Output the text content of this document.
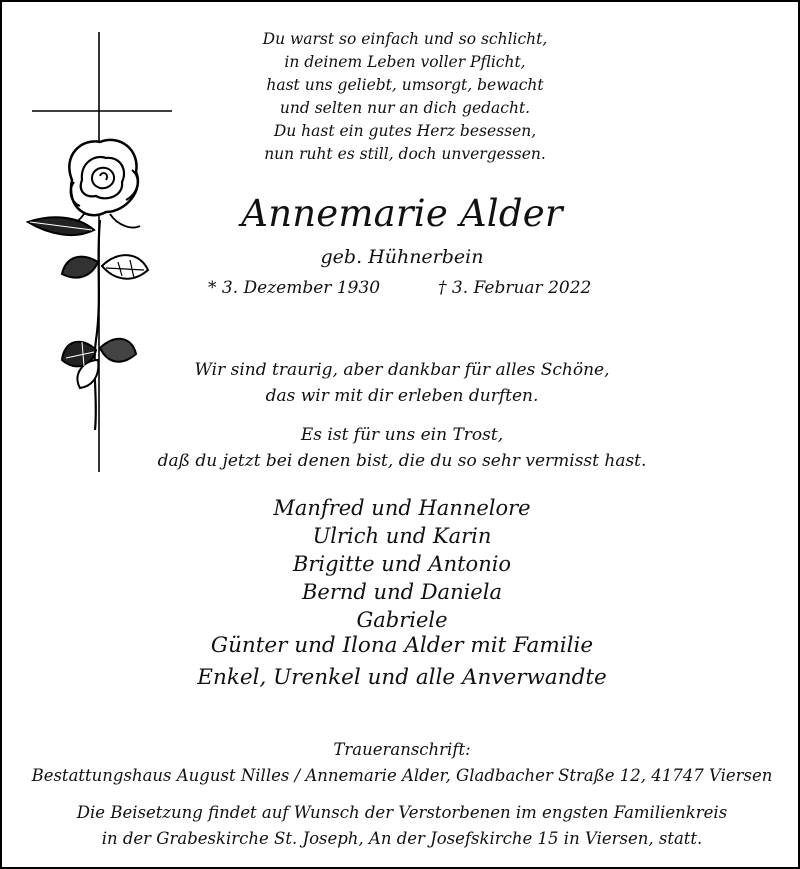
Du warst so einfach und so schlicht,
in deinem Leben voller Pflicht,
hast uns geliebt, umsorgt, bewacht
und selten nur an dich gedacht.
Du hast ein gutes Herz besessen,
nun ruht es still, doch unvergessen.
Annemarie Alder
geb. Hühnerbein
* 3. Dezember 1930	† 3. Februar 2022
Wir sind traurig, aber dankbar für alles Schöne,
das wir mit dir erleben durften.
Es ist für uns ein Trost,
daß du jetzt bei denen bist, die du so sehr vermisst hast.
Manfred und Hannelore
Ulrich und Karin
Brigitte und Antonio
Bernd und Daniela
Gabriele
Günter und Ilona Alder mit Familie
Enkel, Urenkel und alle Anverwandte
Traueranschrift:
Bestattungshaus August Nilles / Annemarie Alder, Gladbacher Straße 12, 41747 Viersen
Die Beisetzung findet auf Wunsch der Verstorbenen im engsten Familienkreis
in der Grabeskirche St. Joseph, An der Josefskirche 15 in Viersen, statt.
